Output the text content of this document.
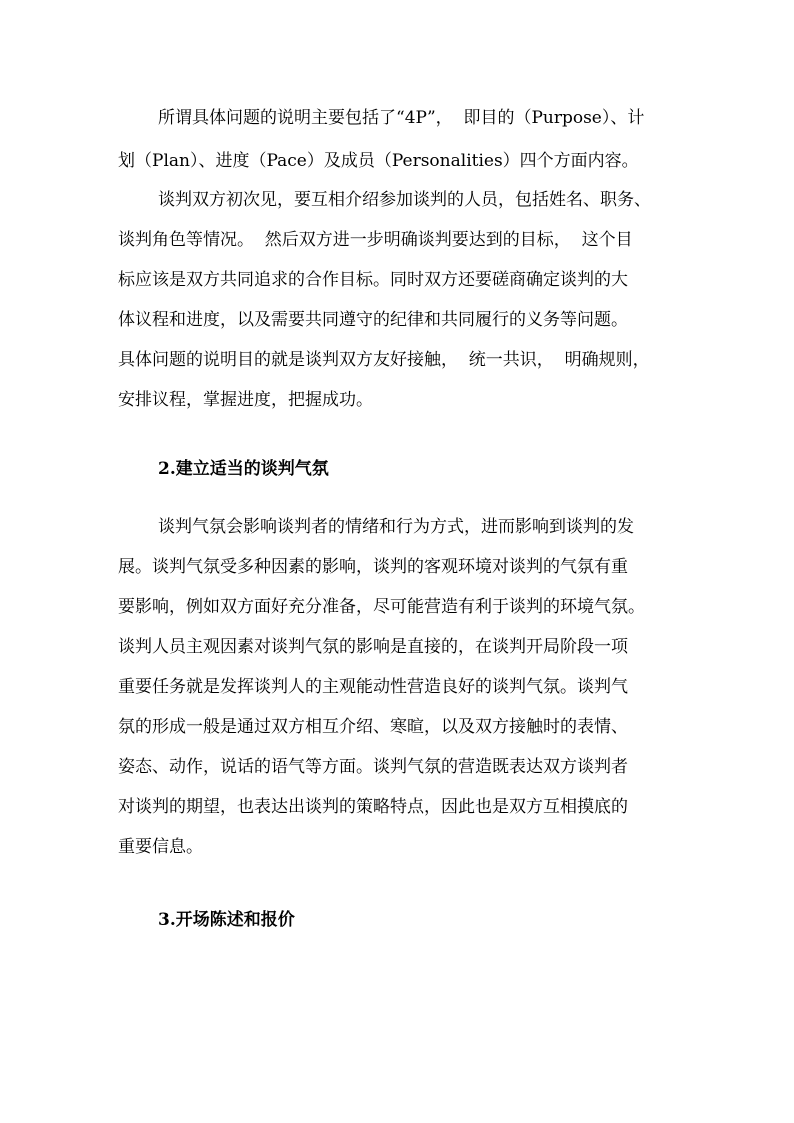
所谓具体问题的说明主要包括了“4P”，  即目的（Purpose）、计
划（Plan）、进度（Pace）及成员（Personalities）四个方面内容。
谈判双方初次见，要互相介绍参加谈判的人员，包括姓名、职务、
谈判角色等情况。  然后双方进一步明确谈判要达到的目标，  这个目
标应该是双方共同追求的合作目标。同时双方还要磋商确定谈判的大
体议程和进度，以及需要共同遵守的纪律和共同履行的义务等问题。
具体问题的说明目的就是谈判双方友好接触，  统一共识，  明确规则，
安排议程，掌握进度，把握成功。
2.建立适当的谈判气氛
谈判气氛会影响谈判者的情绪和行为方式，进而影响到谈判的发
展。谈判气氛受多种因素的影响，谈判的客观环境对谈判的气氛有重
要影响，例如双方面好充分准备，尽可能营造有利于谈判的环境气氛。
谈判人员主观因素对谈判气氛的影响是直接的，在谈判开局阶段一项
重要任务就是发挥谈判人的主观能动性营造良好的谈判气氛。谈判气
氛的形成一般是通过双方相互介绍、寒暄，以及双方接触时的表情、
姿态、动作，说话的语气等方面。谈判气氛的营造既表达双方谈判者
对谈判的期望，也表达出谈判的策略特点，因此也是双方互相摸底的
重要信息。
3.开场陈述和报价
